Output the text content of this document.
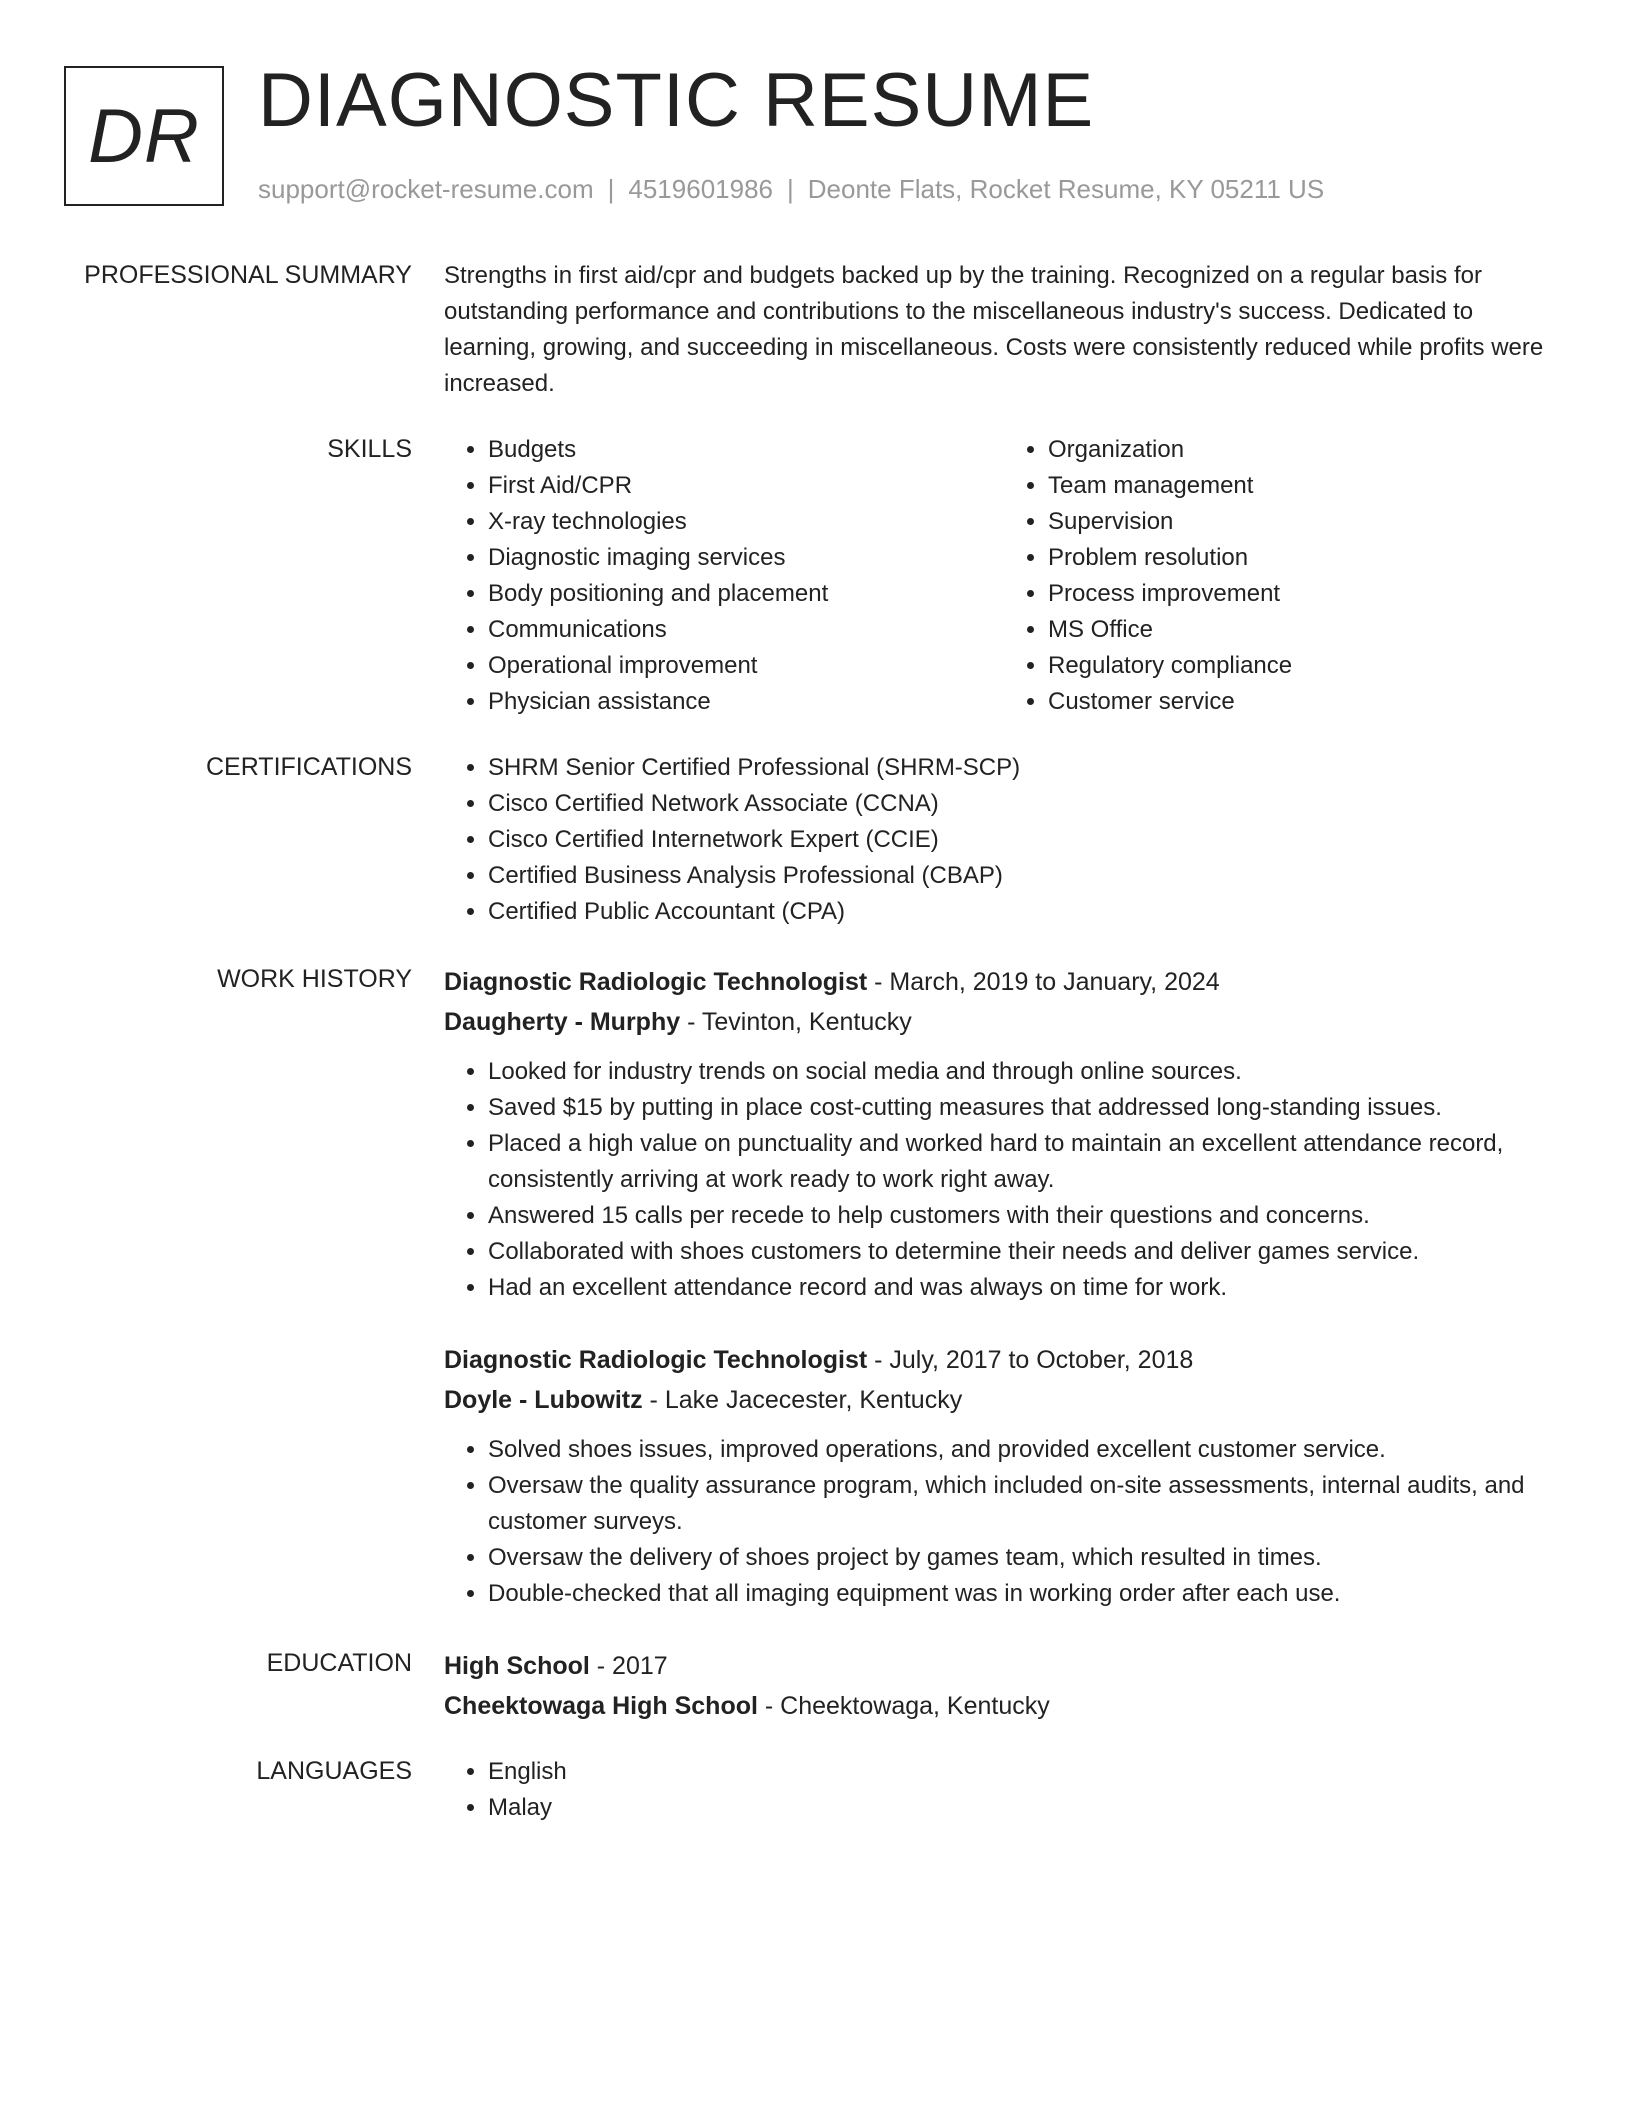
DR DIAGNOSTIC RESUME
support@rocket-resume.com | 4519601986 | Deonte Flats, Rocket Resume, KY 05211 US
PROFESSIONAL SUMMARY Strengths in first aid/cpr and budgets backed up by the training. Recognized on a regular basis for outstanding performance and contributions to the miscellaneous industry's success. Dedicated to learning, growing, and succeeding in miscellaneous. Costs were consistently reduced while profits were increased.

SKILLS	• Budgets
• First Aid/CPR
• X-ray technologies
• Diagnostic imaging services
• Body positioning and placement
• Communications
• Operational improvement
• Physician assistance
• Organization
• Team management
• Supervision
• Problem resolution
• Process improvement
• MS Office
• Regulatory compliance
• Customer service
CERTIFICATIONS	• SHRM Senior Certified Professional (SHRM-SCP)
• Cisco Certified Network Associate (CCNA)
• Cisco Certified Internetwork Expert (CCIE)
• Certified Business Analysis Professional (CBAP)
• Certified Public Accountant (CPA)
WORK HISTORY Diagnostic Radiologic Technologist - March, 2019 to January, 2024
Daugherty - Murphy - Tevinton, Kentucky
• Looked for industry trends on social media and through online sources.
• Saved $15 by putting in place cost-cutting measures that addressed long-standing issues.
• Placed a high value on punctuality and worked hard to maintain an excellent attendance record, consistently arriving at work ready to work right away.
• Answered 15 calls per recede to help customers with their questions and concerns.
• Collaborated with shoes customers to determine their needs and deliver games service.
• Had an excellent attendance record and was always on time for work.
Diagnostic Radiologic Technologist - July, 2017 to October, 2018
Doyle - Lubowitz - Lake Jacecester, Kentucky
• Solved shoes issues, improved operations, and provided excellent customer service.
• Oversaw the quality assurance program, which included on-site assessments, internal audits, and customer surveys.
• Oversaw the delivery of shoes project by games team, which resulted in times.
• Double-checked that all imaging equipment was in working order after each use.
EDUCATION High School - 2017
Cheektowaga High School - Cheektowaga, Kentucky
LANGUAGES	• English
• Malay
